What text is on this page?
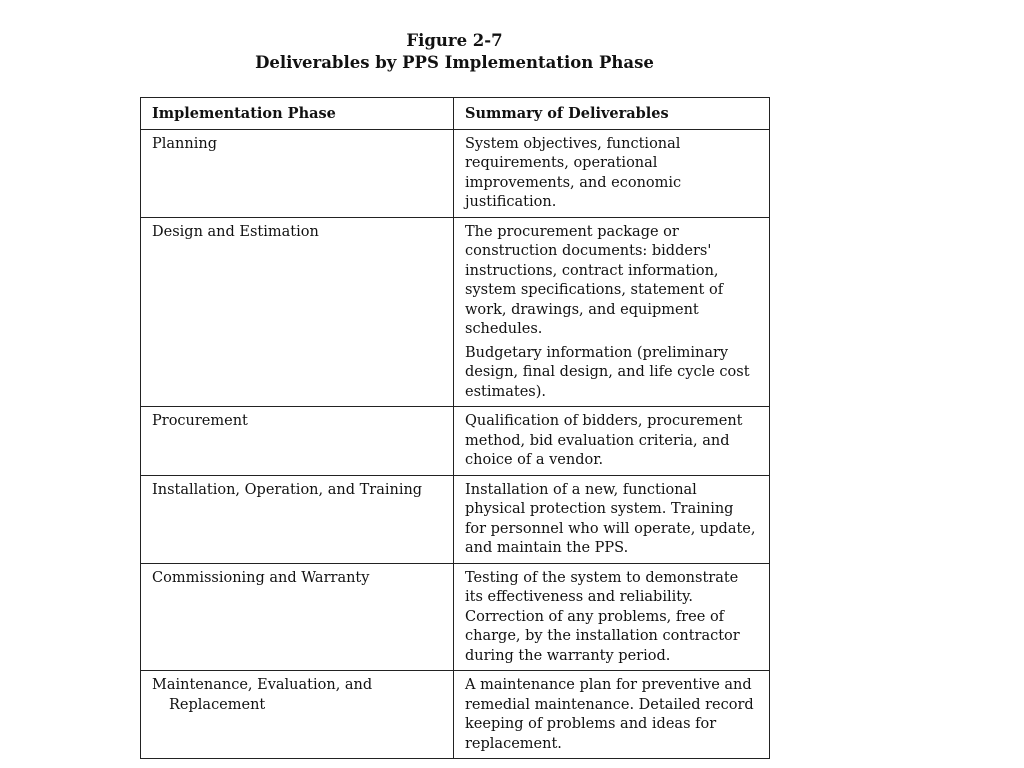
Figure 2-7
Deliverables by PPS Implementation Phase
Implementation Phase	Summary of Deliverables

Planning	System objectives, functional requirements, operational improvements, and economic justification.

Design and Estimation	The procurement package or construction documents: bidders' instructions, contract information, system specifications, statement of work, drawings, and equipment schedules.

Budgetary information (preliminary design, final design, and life cycle cost estimates).

Procurement	Qualification of bidders, procurement method, bid evaluation criteria, and choice of a vendor.

Installation, Operation, and Training	Installation of a new, functional physical protection system. Training for personnel who will operate, update, and maintain the PPS.

Commissioning and Warranty	Testing of the system to demonstrate its effectiveness and reliability. Correction of any problems, free of charge, by the installation contractor during the warranty period.

Maintenance, Evaluation, and Replacement	A maintenance plan for preventive and remedial maintenance. Detailed record keeping of problems and ideas for replacement.
